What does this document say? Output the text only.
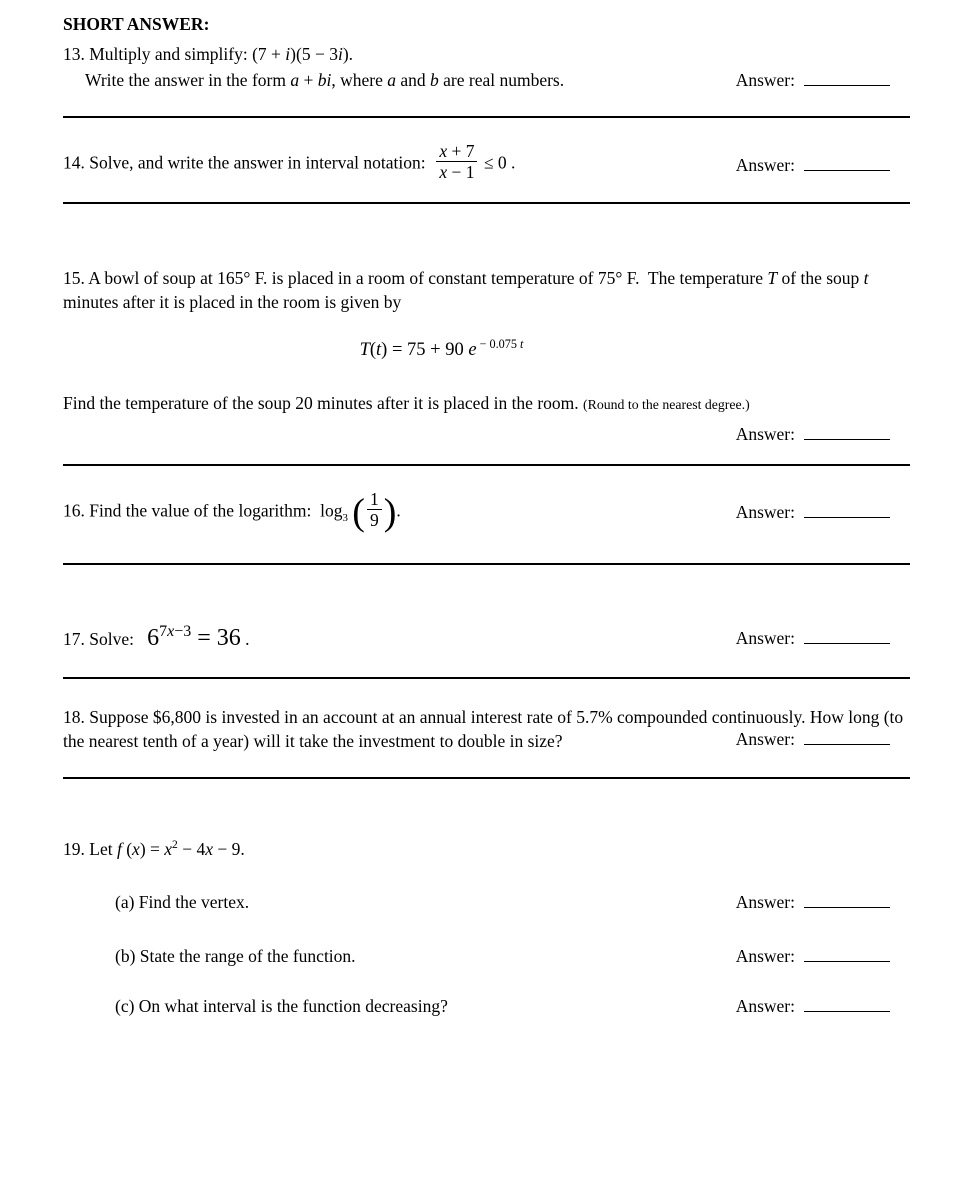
SHORT ANSWER:

13. Multiply and simplify: (7 + i)(5 − 3i).

Write the answer in the form a + bi, where a and b are real numbers.	Answer:

14. Solve, and write the answer in interval notation: $\frac{x + 7}{x - 1} \le 0$ .	Answer:

15. A bowl of soup at 165° F. is placed in a room of constant temperature of 75° F.  The temperature T of the soup t minutes after it is placed in the room is given by

T(t) = 75 + 90 e $^{- 0.075}$ $^t$

Find the temperature of the soup 20 minutes after it is placed in the room. (Round to the nearest degree.)

Answer:

16. Find the value of the logarithm:  $\log_3$ ( $\frac{1}{9}$ ).	Answer:

17. Solve:   67x−3 = 36 .	Answer:

18. Suppose $6,800 is invested in an account at an annual interest rate of 5.7% compounded continuously. How long (to the nearest tenth of a year) will it take the investment to double in size?	Answer:

19. Let f $(x) = x^2 - 4x - 9$.

(a) Find the vertex.	Answer:

(b) State the range of the function.	Answer:

(c) On what interval is the function decreasing?	Answer:
